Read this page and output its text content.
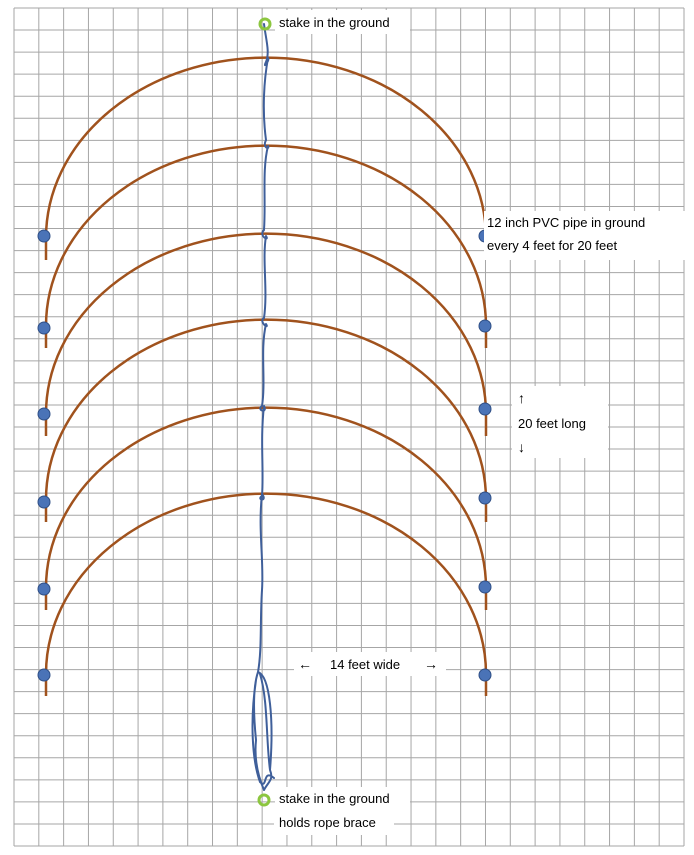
stake in the ground
12 inch PVC pipe in ground
every 4 feet for 20 feet
↑
20 feet long
↓
← 14 feet wide →
stake in the ground
holds rope brace
